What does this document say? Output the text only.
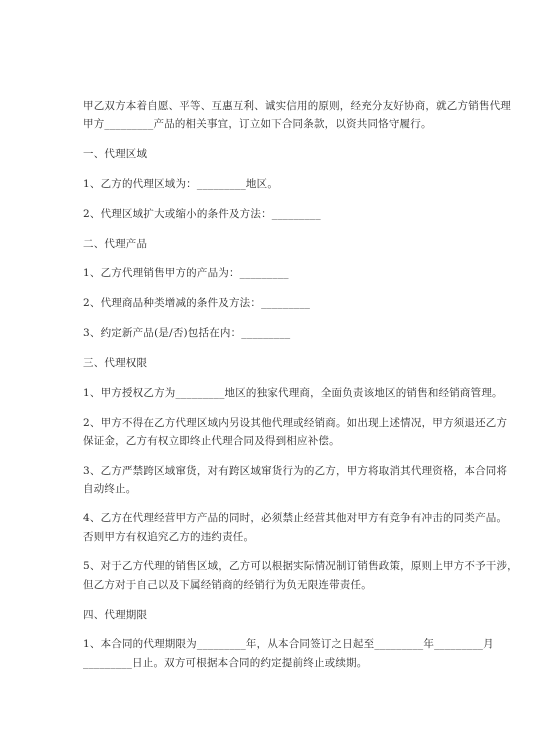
甲乙双方本着自愿、平等、互惠互利、诚实信用的原则，经充分友好协商，就乙方销售代理
甲方_________产品的相关事宜，订立如下合同条款，以资共同恪守履行。
一、代理区域
1、乙方的代理区域为：_________地区。
2、代理区域扩大或缩小的条件及方法：_________
二、代理产品
1、乙方代理销售甲方的产品为：_________
2、代理商品种类增减的条件及方法：_________
3、约定新产品(是/否)包括在内：_________
三、代理权限
1、甲方授权乙方为_________地区的独家代理商，全面负责该地区的销售和经销商管理。
2、甲方不得在乙方代理区域内另设其他代理或经销商。如出现上述情况，甲方须退还乙方
保证金，乙方有权立即终止代理合同及得到相应补偿。
3、乙方严禁跨区域窜货，对有跨区域窜货行为的乙方，甲方将取消其代理资格，本合同将
自动终止。
4、乙方在代理经营甲方产品的同时，必须禁止经营其他对甲方有竞争有冲击的同类产品。
否则甲方有权追究乙方的违约责任。
5、对于乙方代理的销售区域，乙方可以根据实际情况制订销售政策，原则上甲方不予干涉，
但乙方对于自己以及下属经销商的经销行为负无限连带责任。
四、代理期限
1、本合同的代理期限为_________年，从本合同签订之日起至_________年_________月
_________日止。双方可根据本合同的约定提前终止或续期。
